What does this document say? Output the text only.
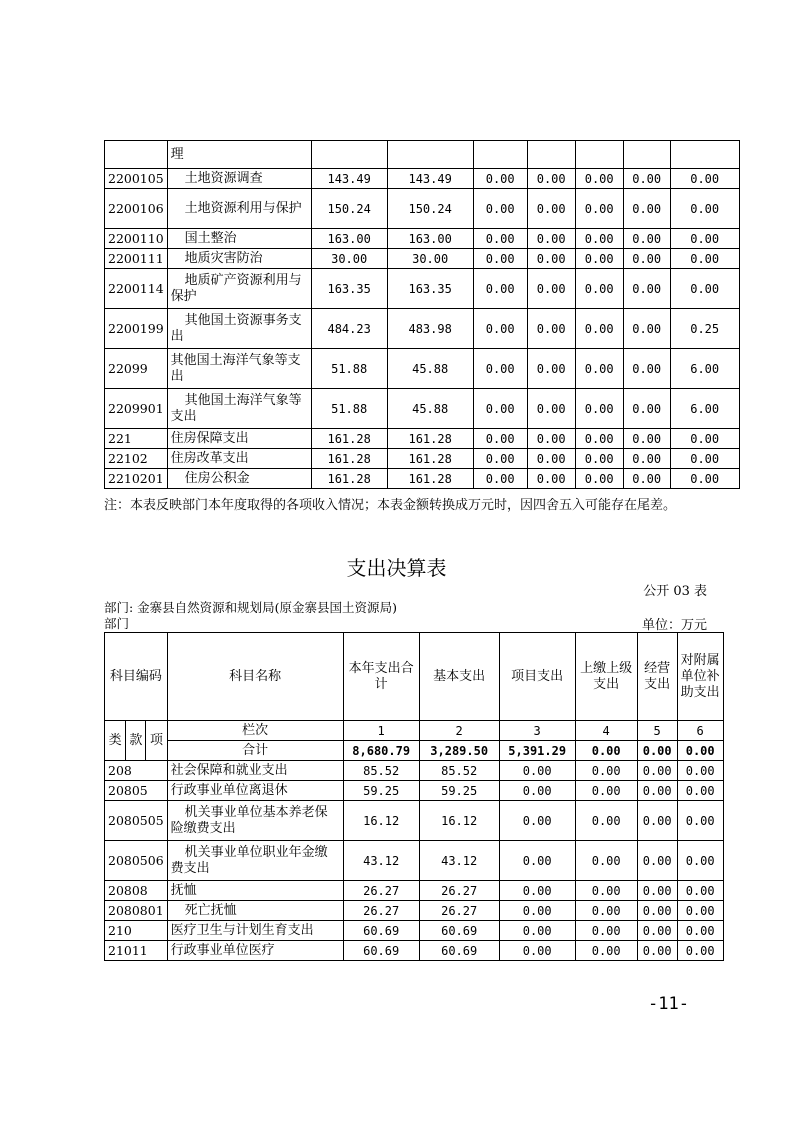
	理							
2200105	土地资源调查	143.49	143.49	0.00	0.00	0.00	0.00	0.00
2200106	土地资源利用与保护	150.24	150.24	0.00	0.00	0.00	0.00	0.00
2200110	国土整治	163.00	163.00	0.00	0.00	0.00	0.00	0.00
2200111	地质灾害防治	30.00	30.00	0.00	0.00	0.00	0.00	0.00
2200114	地质矿产资源利用与保护	163.35	163.35	0.00	0.00	0.00	0.00	0.00
2200199	其他国土资源事务支出	484.23	483.98	0.00	0.00	0.00	0.00	0.25
22099	其他国土海洋气象等支出	51.88	45.88	0.00	0.00	0.00	0.00	6.00
2209901	其他国土海洋气象等支出	51.88	45.88	0.00	0.00	0.00	0.00	6.00
221	住房保障支出	161.28	161.28	0.00	0.00	0.00	0.00	0.00
22102	住房改革支出	161.28	161.28	0.00	0.00	0.00	0.00	0.00
2210201	住房公积金	161.28	161.28	0.00	0.00	0.00	0.00	0.00
注：本表反映部门本年度取得的各项收入情况；本表金额转换成万元时，因四舍五入可能存在尾差。
支出决算表
公开 03 表
部门: 金寨县自然资源和规划局(原金寨县国土资源局)
部门	单位：万元
科目编码			科目名称	本年支出合计	基本支出	项目支出	上缴上级支出	经营支出	对附属单位补助支出
类	款	项	栏次	1	2	3	4	5	6
			合计	8,680.79	3,289.50	5,391.29	0.00	0.00	0.00
208			社会保障和就业支出	85.52	85.52	0.00	0.00	0.00	0.00
20805			行政事业单位离退休	59.25	59.25	0.00	0.00	0.00	0.00
2080505			机关事业单位基本养老保险缴费支出	16.12	16.12	0.00	0.00	0.00	0.00
2080506			机关事业单位职业年金缴费支出	43.12	43.12	0.00	0.00	0.00	0.00
20808			抚恤	26.27	26.27	0.00	0.00	0.00	0.00
2080801			死亡抚恤	26.27	26.27	0.00	0.00	0.00	0.00
210			医疗卫生与计划生育支出	60.69	60.69	0.00	0.00	0.00	0.00
21011			行政事业单位医疗	60.69	60.69	0.00	0.00	0.00	0.00
-11-
